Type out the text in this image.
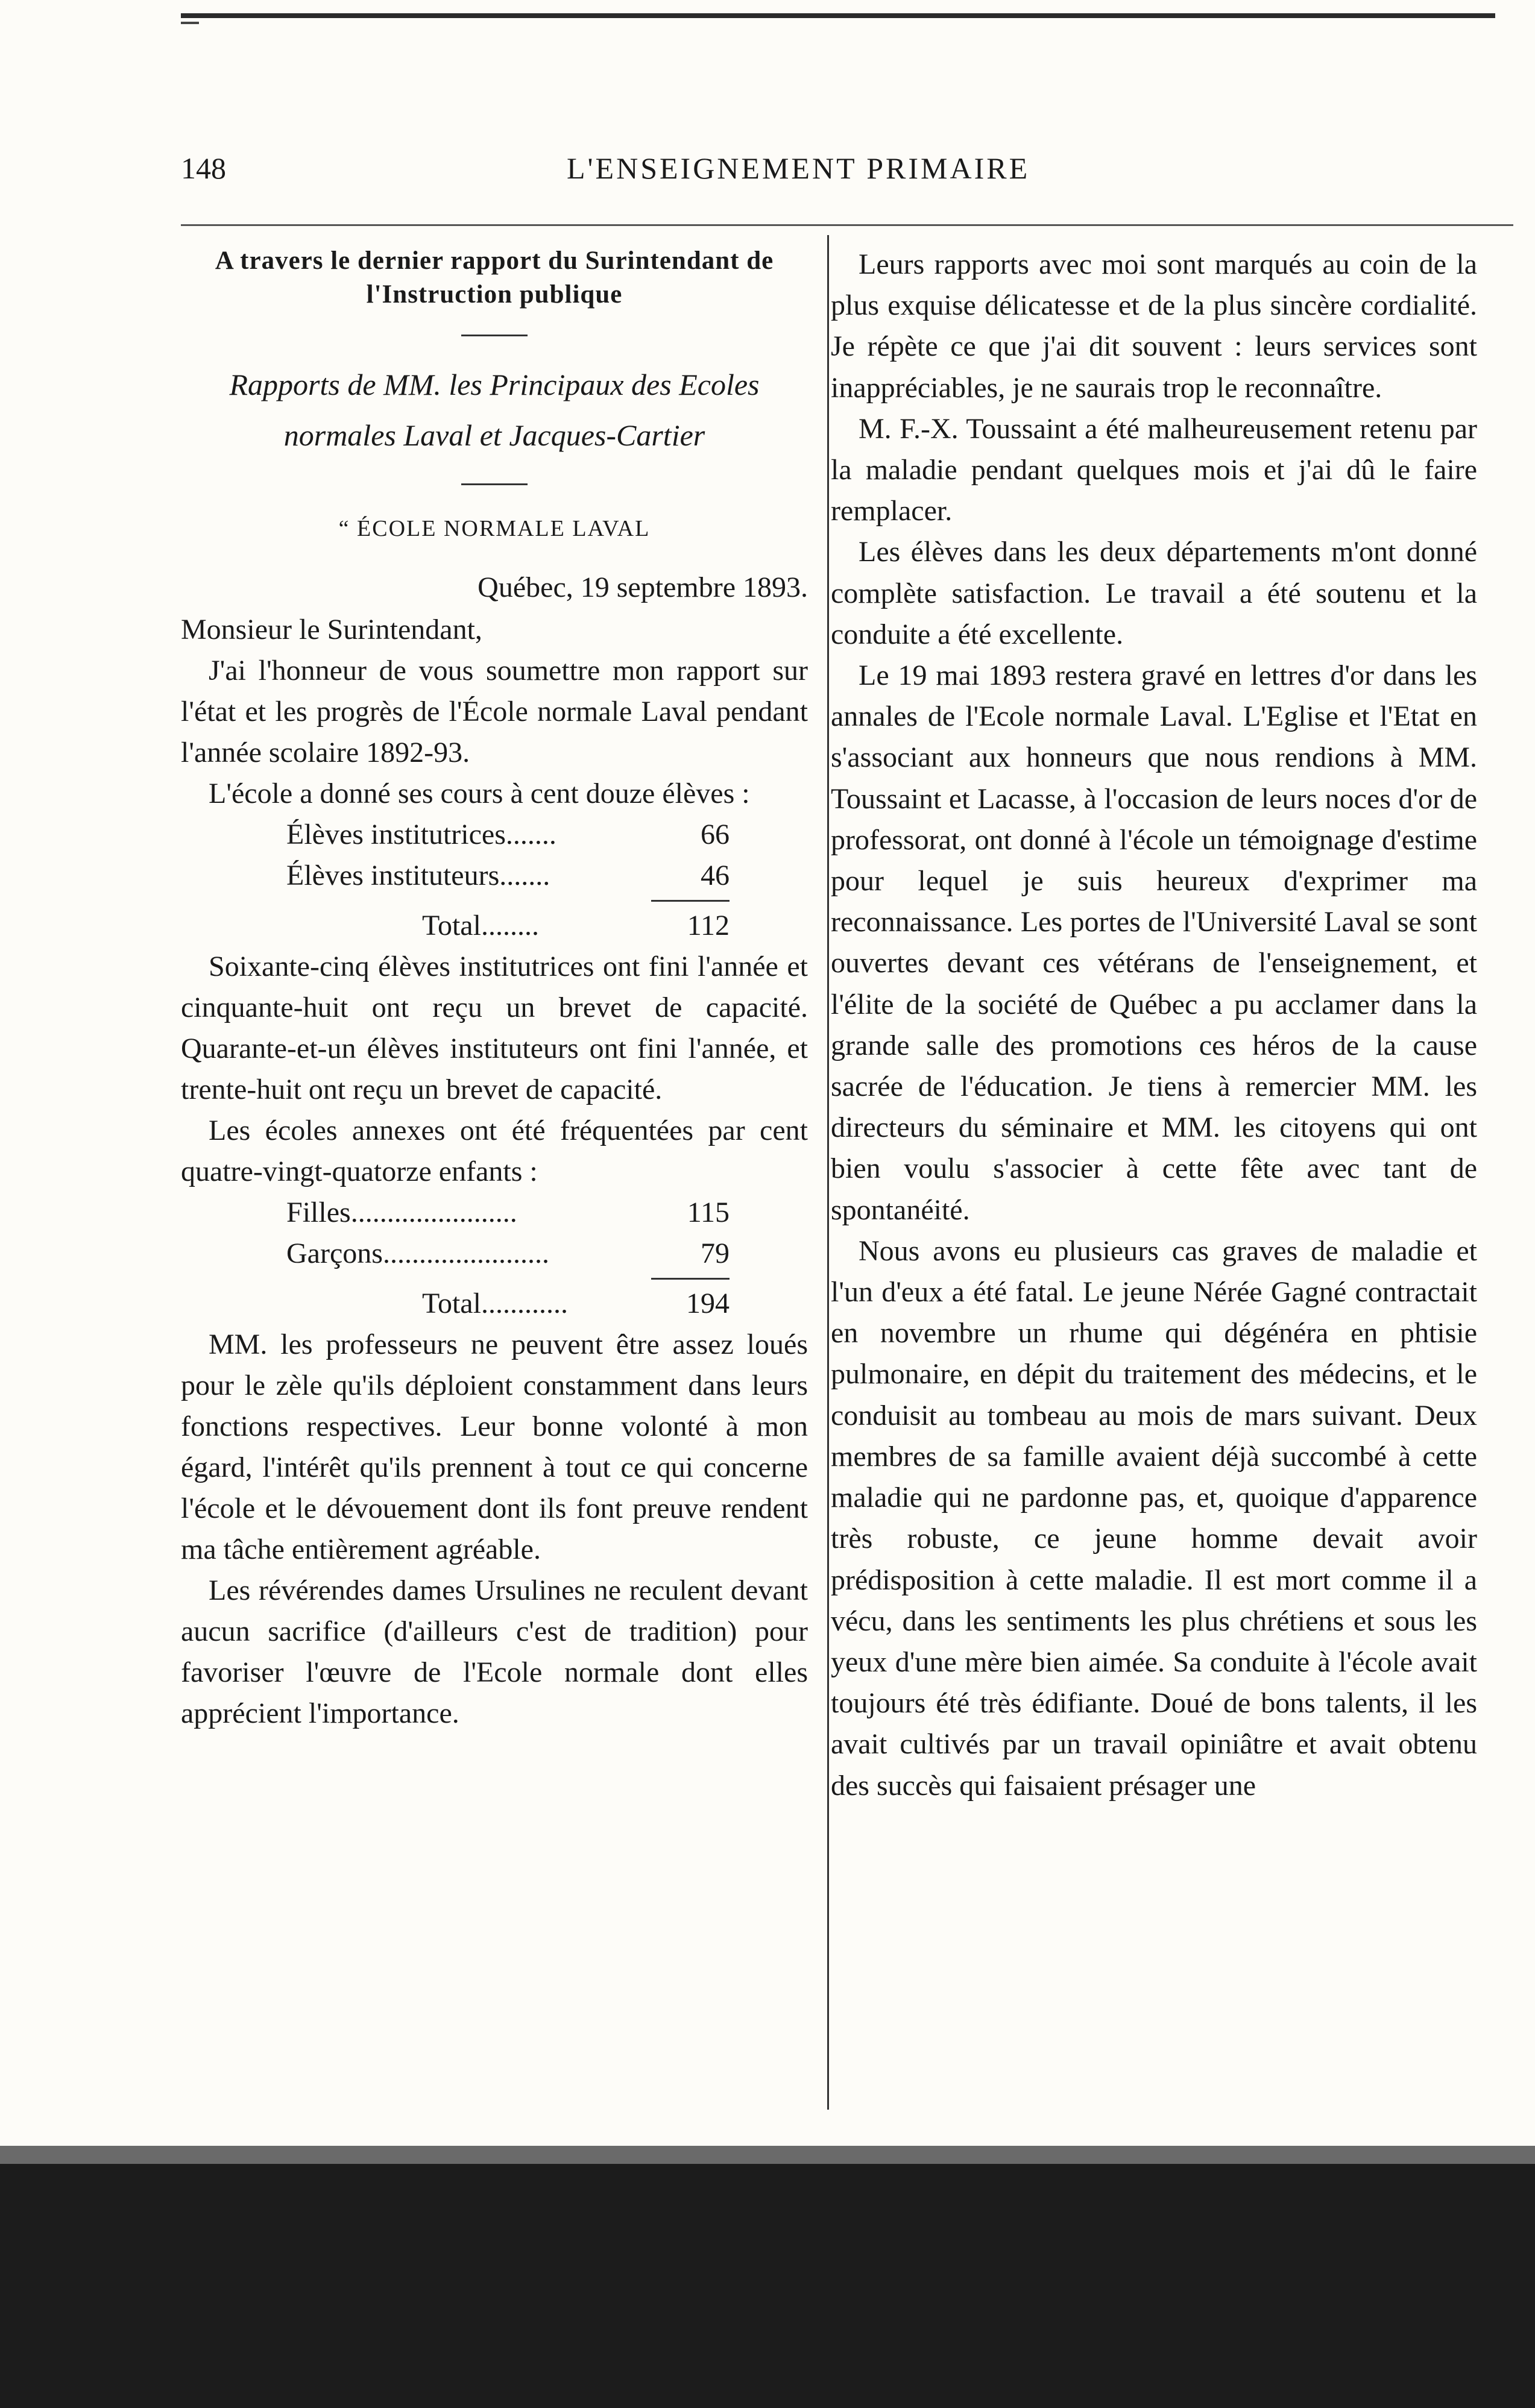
148	L'ENSEIGNEMENT PRIMAIRE
A travers le dernier rapport du Surintendant de l'Instruction publique
Rapports de MM. les Principaux des Ecoles
normales Laval et Jacques-Cartier
“ ÉCOLE NORMALE LAVAL
Québec, 19 septembre 1893.

Monsieur le Surintendant,

J'ai l'honneur de vous soumettre mon rapport sur l'état et les progrès de l'École normale Laval pendant l'année scolaire 1892-93.

L'école a donné ses cours à cent douze élèves :

Élèves institutrices.......	66
Élèves instituteurs.......	46
Total........	112

Soixante-cinq élèves institutrices ont fini l'année et cinquante-huit ont reçu un brevet de capacité. Quarante-et-un élèves instituteurs ont fini l'année, et trente-huit ont reçu un brevet de capacité.

Les écoles annexes ont été fréquentées par cent quatre-vingt-quatorze enfants :

Filles.......................	115
Garçons.......................	79
Total............	194

MM. les professeurs ne peuvent être assez loués pour le zèle qu'ils déploient constamment dans leurs fonctions respectives. Leur bonne volonté à mon égard, l'intérêt qu'ils prennent à tout ce qui concerne l'école et le dévouement dont ils font preuve rendent ma tâche entièrement agréable.

Les révérendes dames Ursulines ne reculent devant aucun sacrifice (d'ailleurs c'est de tradition) pour favoriser l'œuvre de l'Ecole normale dont elles apprécient l'importance.

Leurs rapports avec moi sont marqués au coin de la plus exquise délicatesse et de la plus sincère cordialité. Je répète ce que j'ai dit souvent : leurs services sont inappréciables, je ne saurais trop le reconnaître.

M. F.-X. Toussaint a été malheureusement retenu par la maladie pendant quelques mois et j'ai dû le faire remplacer.

Les élèves dans les deux départements m'ont donné complète satisfaction. Le travail a été soutenu et la conduite a été excellente.

Le 19 mai 1893 restera gravé en lettres d'or dans les annales de l'Ecole normale Laval. L'Eglise et l'Etat en s'associant aux honneurs que nous rendions à MM. Toussaint et Lacasse, à l'occasion de leurs noces d'or de professorat, ont donné à l'école un témoignage d'estime pour lequel je suis heureux d'exprimer ma reconnaissance. Les portes de l'Université Laval se sont ouvertes devant ces vétérans de l'enseignement, et l'élite de la société de Québec a pu acclamer dans la grande salle des promotions ces héros de la cause sacrée de l'éducation. Je tiens à remercier MM. les directeurs du séminaire et MM. les citoyens qui ont bien voulu s'associer à cette fête avec tant de spontanéité.

Nous avons eu plusieurs cas graves de maladie et l'un d'eux a été fatal. Le jeune Nérée Gagné contractait en novembre un rhume qui dégénéra en phtisie pulmonaire, en dépit du traitement des médecins, et le conduisit au tombeau au mois de mars suivant. Deux membres de sa famille avaient déjà succombé à cette maladie qui ne pardonne pas, et, quoique d'apparence très robuste, ce jeune homme devait avoir prédisposition à cette maladie. Il est mort comme il a vécu, dans les sentiments les plus chrétiens et sous les yeux d'une mère bien aimée. Sa conduite à l'école avait toujours été très édifiante. Doué de bons talents, il les avait cultivés par un travail opiniâtre et avait obtenu des succès qui faisaient présager une
